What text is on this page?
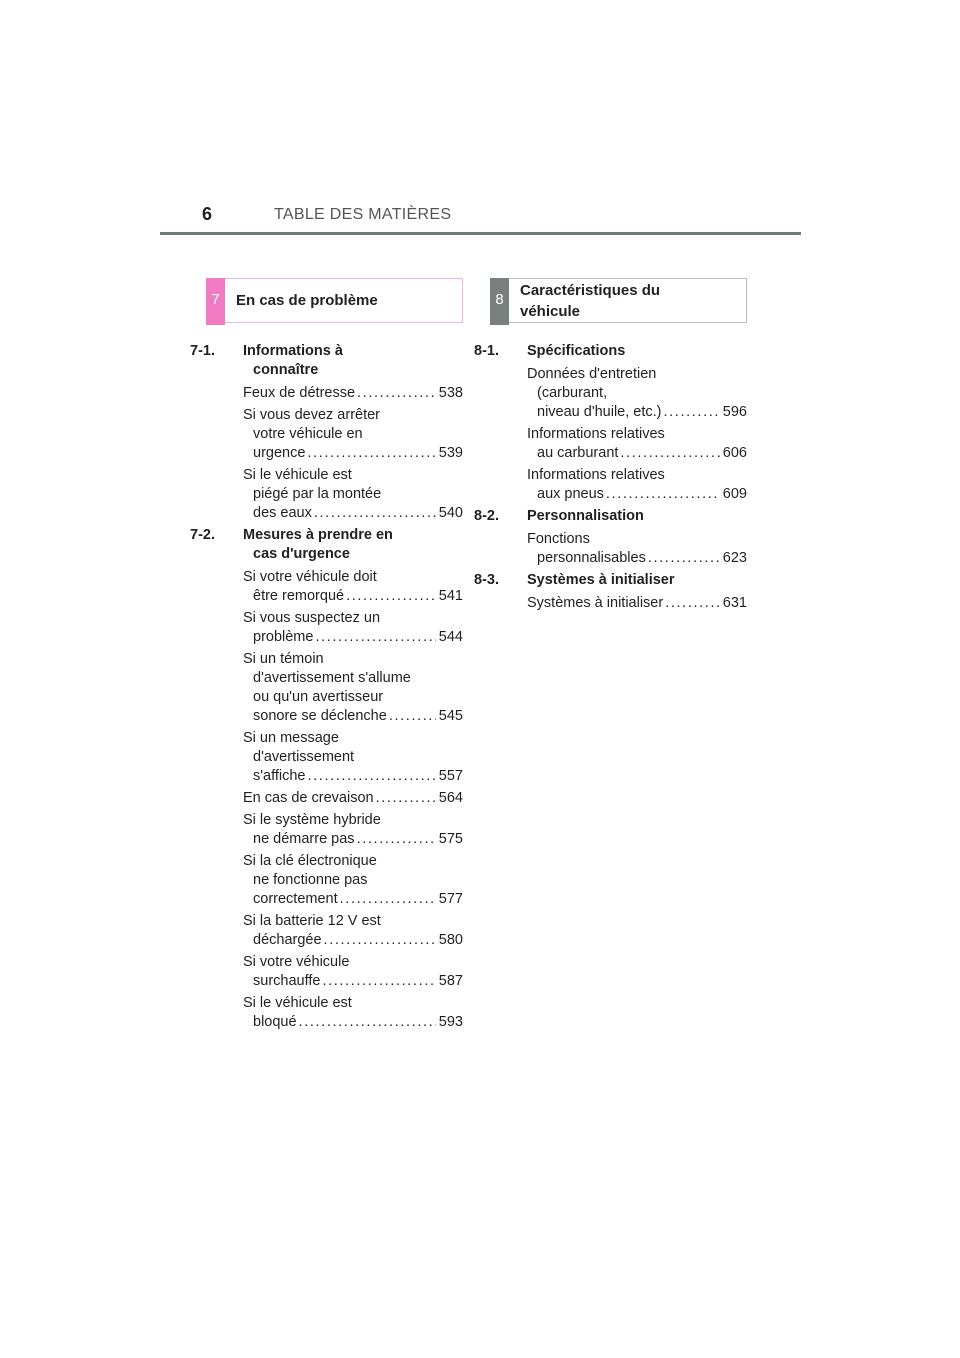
6	TABLE DES MATIÈRES
7	En cas de problème
7-1.	Informations à
connaître
Feux de détresse . . .	538
Si vous devez arrêter
votre véhicule en
urgence . . .	539
Si le véhicule est
piégé par la montée
des eaux . . .	540
7-2.	Mesures à prendre en
cas d'urgence
Si votre véhicule doit
être remorqué . . .	541
Si vous suspectez un
problème . . .	544
Si un témoin
d'avertissement s'allume
ou qu'un avertisseur
sonore se déclenche . . .	545
Si un message
d'avertissement
s'affiche . . .	557
En cas de crevaison . . .	564
Si le système hybride
ne démarre pas . . .	575
Si la clé électronique
ne fonctionne pas
correctement . . .	577
Si la batterie 12 V est
déchargée . . .	580
Si votre véhicule
surchauffe . . .	587
Si le véhicule est
bloqué . . .	593
8
Caractéristiques du
véhicule
8-1.	Spécifications
Données d'entretien
(carburant,
niveau d'huile, etc.) . . .	596
Informations relatives
au carburant . . .	606
Informations relatives
aux pneus . . .	609
8-2.	Personnalisation
Fonctions
personnalisables . . .	623
8-3.	Systèmes à initialiser
Systèmes à initialiser . . .	631
